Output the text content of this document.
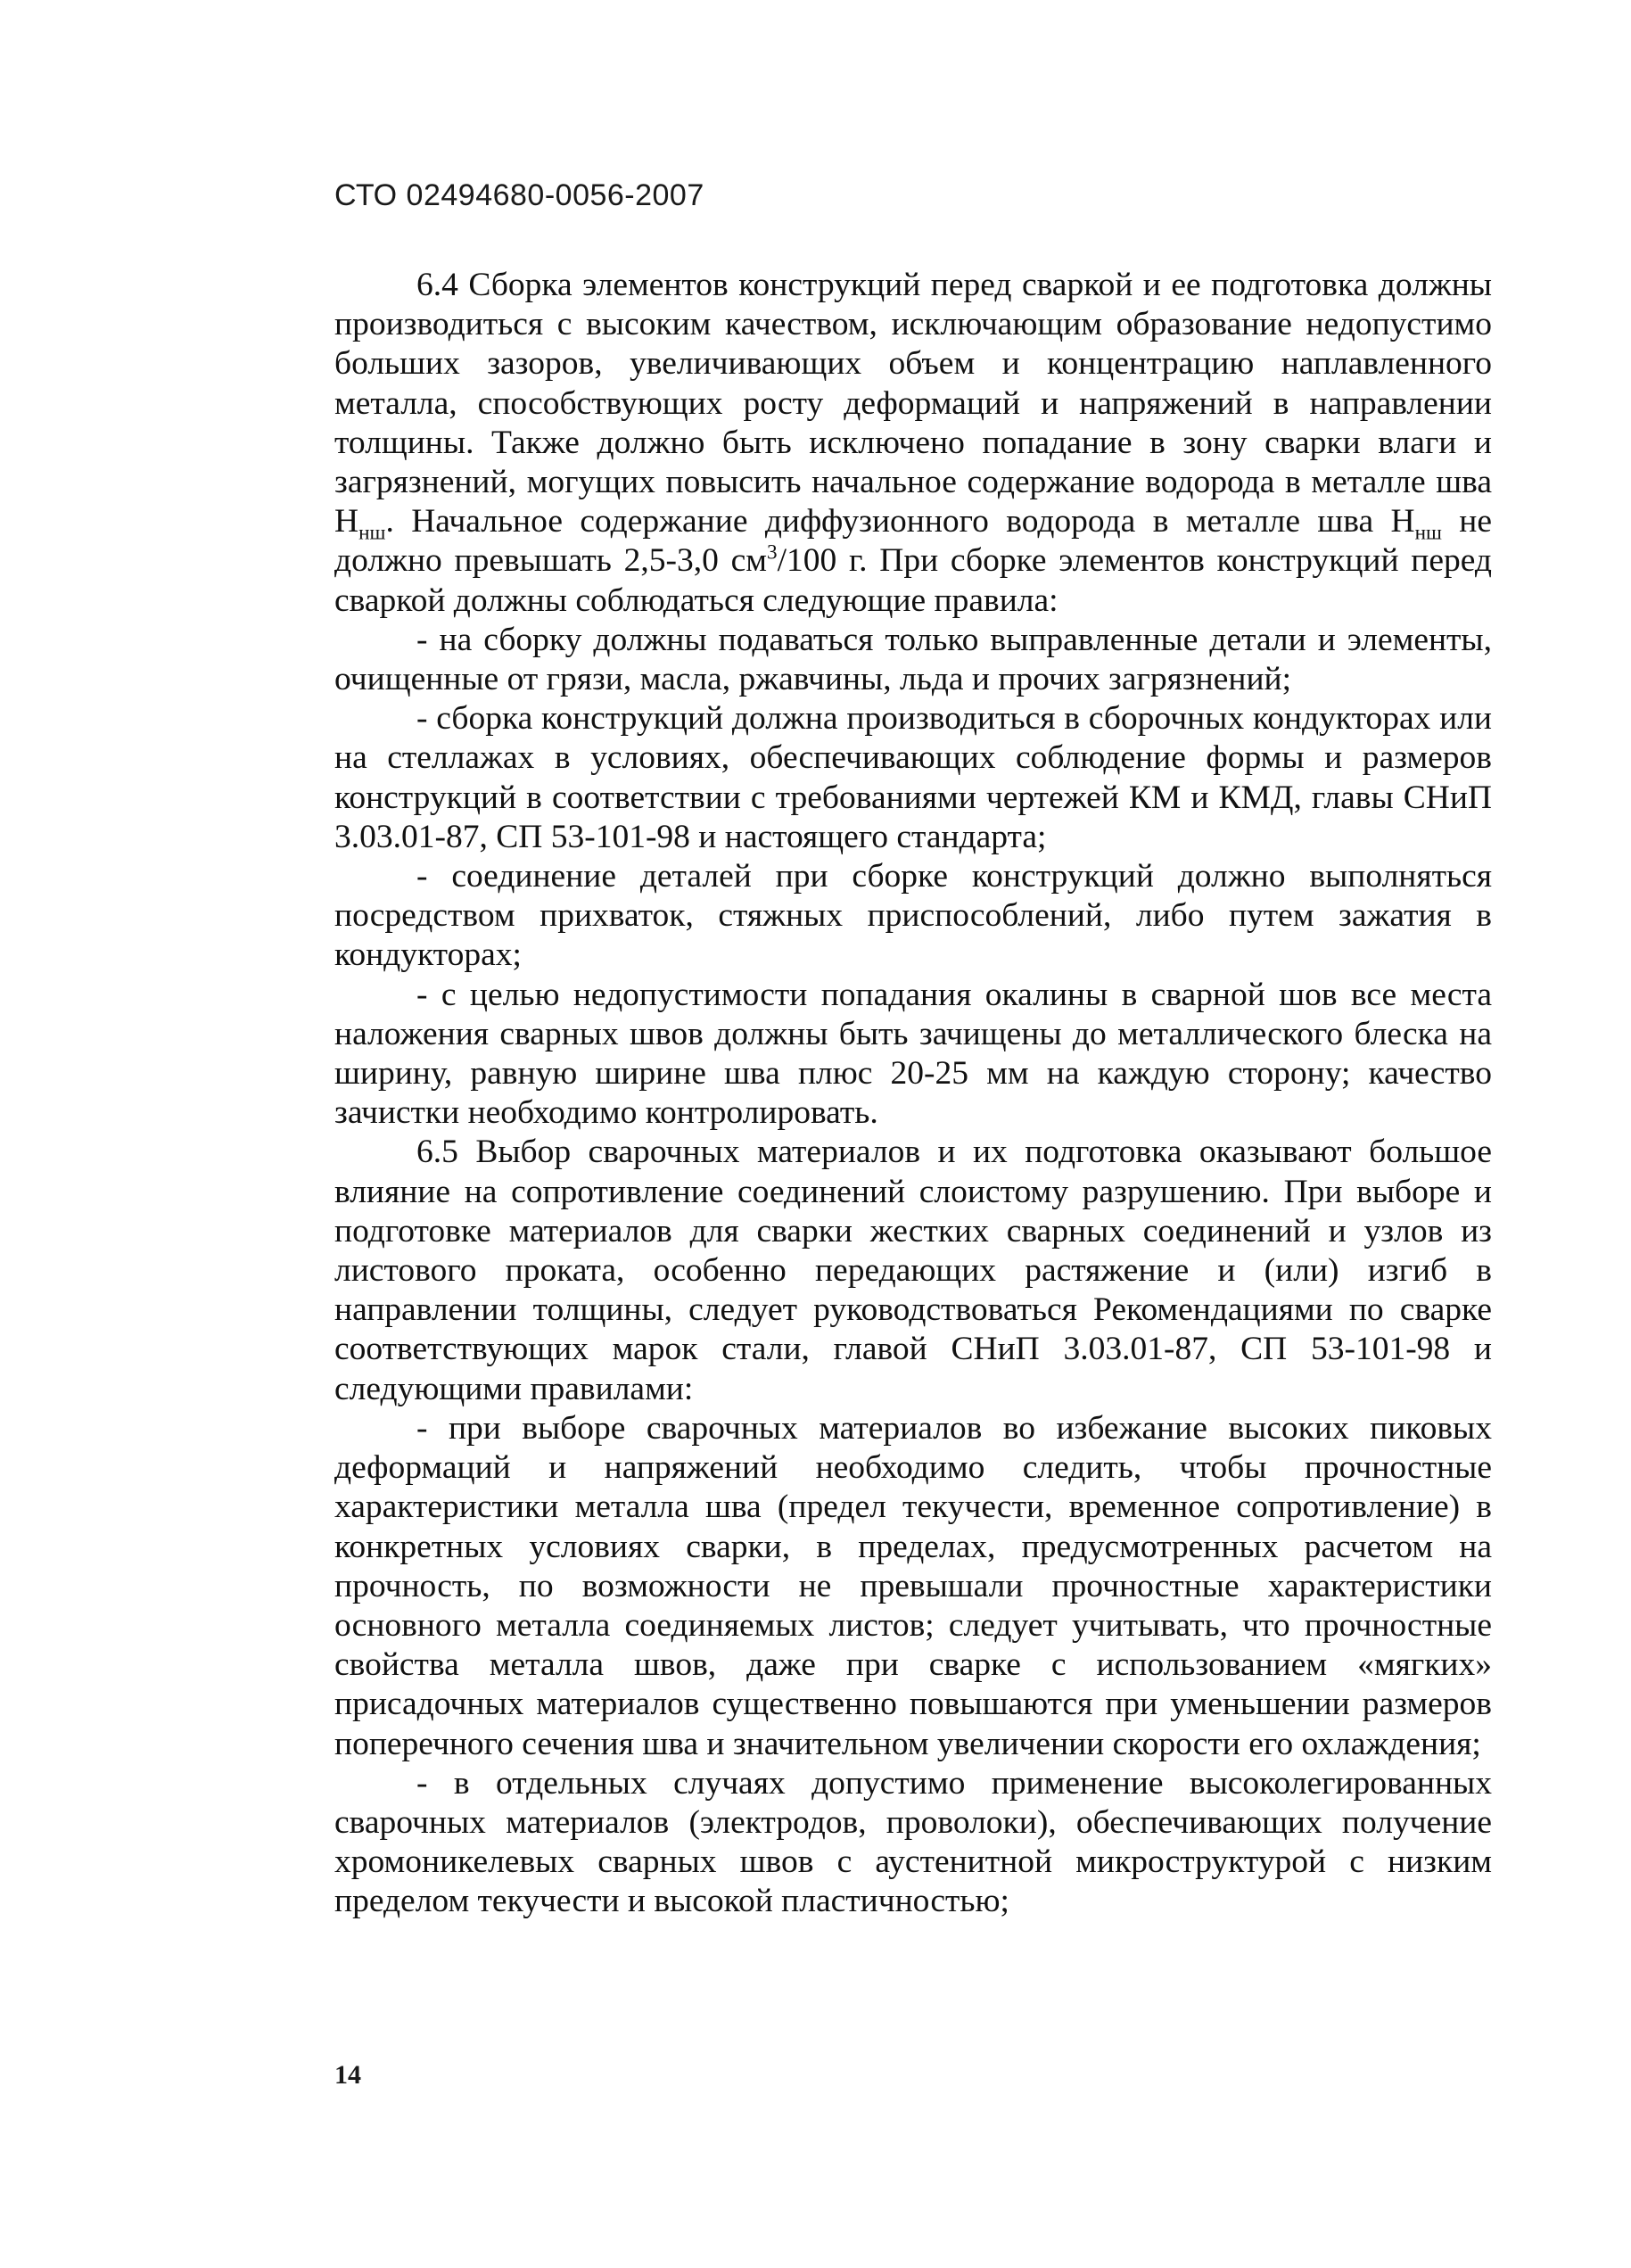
СТО 02494680-0056-2007

6.4 Сборка элементов конструкций перед сваркой и ее подготовка должны производиться с высоким качеством, исключающим образование недопустимо больших зазоров, увеличивающих объем и концентрацию наплавленного металла, способствующих росту деформаций и напряжений в направлении толщины. Также должно быть исключено попадание в зону сварки влаги и загрязнений, могущих повысить начальное содержание водорода в металле шва $H_{нш}$. Начальное содержание диффузионного водорода в металле шва $H_{нш}$ не должно превышать 2,5-3,0 $см^3/100$ г. При сборке элементов конструкций перед сваркой должны соблюдаться следующие правила:

- на сборку должны подаваться только выправленные детали и элементы, очищенные от грязи, масла, ржавчины, льда и прочих загрязнений;

- сборка конструкций должна производиться в сборочных кондукторах или на стеллажах в условиях, обеспечивающих соблюдение формы и размеров конструкций в соответствии с требованиями чертежей КМ и КМД, главы СНиП 3.03.01-87, СП 53-101-98 и настоящего стандарта;

- соединение деталей при сборке конструкций должно выполняться посредством прихваток, стяжных приспособлений, либо путем зажатия в кондукторах;

- с целью недопустимости попадания окалины в сварной шов все места наложения сварных швов должны быть зачищены до металлического блеска на ширину, равную ширине шва плюс 20-25 мм на каждую сторону; качество зачистки необходимо контролировать.

6.5 Выбор сварочных материалов и их подготовка оказывают большое влияние на сопротивление соединений слоистому разрушению. При выборе и подготовке материалов для сварки жестких сварных соединений и узлов из листового проката, особенно передающих растяжение и (или) изгиб в направлении толщины, следует руководствоваться Рекомендациями по сварке соответствующих марок стали, главой СНиП 3.03.01-87, СП 53-101-98 и следующими правилами:

- при выборе сварочных материалов во избежание высоких пиковых деформаций и напряжений необходимо следить, чтобы прочностные характеристики металла шва (предел текучести, временное сопротивление) в конкретных условиях сварки, в пределах, предусмотренных расчетом на прочность, по возможности не превышали прочностные характеристики основного металла соединяемых листов; следует учитывать, что прочностные свойства металла швов, даже при сварке с использованием «мягких» присадочных материалов существенно повышаются при уменьшении размеров поперечного сечения шва и значительном увеличении скорости его охлаждения;

- в отдельных случаях допустимо применение высоколегированных сварочных материалов (электродов, проволоки), обеспечивающих получение хромоникелевых сварных швов с аустенитной микроструктурой с низким пределом текучести и высокой пластичностью;

14
